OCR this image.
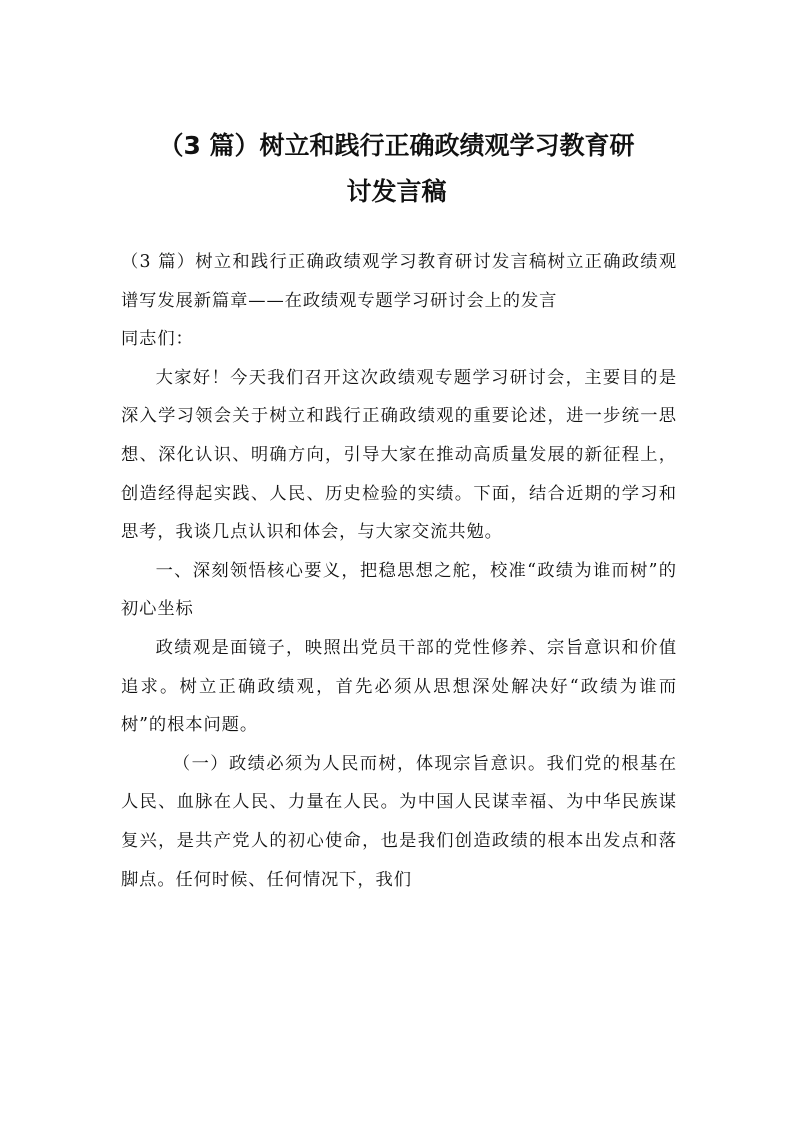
（3 篇）树立和践行正确政绩观学习教育研
讨发言稿

（3 篇）树立和践行正确政绩观学习教育研讨发言稿树立正确政绩观谱写发展新篇章——在政绩观专题学习研讨会上的发言

同志们：

大家好！今天我们召开这次政绩观专题学习研讨会，主要目的是深入学习领会关于树立和践行正确政绩观的重要论述，进一步统一思想、深化认识、明确方向，引导大家在推动高质量发展的新征程上，创造经得起实践、人民、历史检验的实绩。下面，结合近期的学习和思考，我谈几点认识和体会，与大家交流共勉。

一、深刻领悟核心要义，把稳思想之舵，校准“政绩为谁而树”的初心坐标

政绩观是面镜子，映照出党员干部的党性修养、宗旨意识和价值追求。树立正确政绩观，首先必须从思想深处解决好“政绩为谁而树”的根本问题。

（一）政绩必须为人民而树，体现宗旨意识。我们党的根基在人民、血脉在人民、力量在人民。为中国人民谋幸福、为中华民族谋复兴，是共产党人的初心使命，也是我们创造政绩的根本出发点和落脚点。任何时候、任何情况下，我们
